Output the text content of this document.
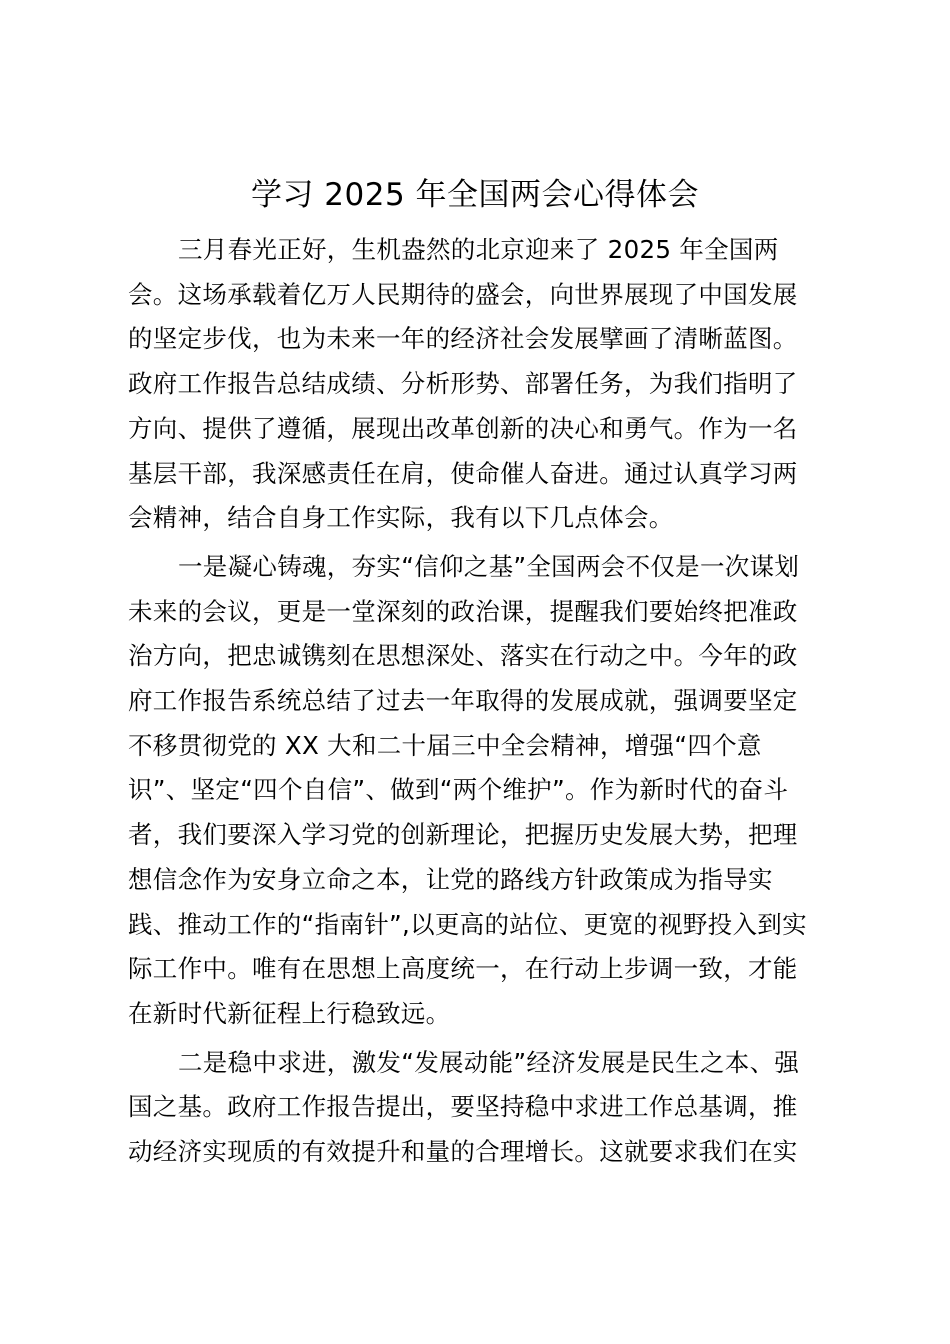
学习 2025 年全国两会心得体会

三月春光正好，生机盎然的北京迎来了 2025 年全国两
会。这场承载着亿万人民期待的盛会，向世界展现了中国发展
的坚定步伐，也为未来一年的经济社会发展擘画了清晰蓝图。
政府工作报告总结成绩、分析形势、部署任务，为我们指明了
方向、提供了遵循，展现出改革创新的决心和勇气。作为一名
基层干部，我深感责任在肩，使命催人奋进。通过认真学习两
会精神，结合自身工作实际，我有以下几点体会。

一是凝心铸魂，夯实“信仰之基”全国两会不仅是一次谋划
未来的会议，更是一堂深刻的政治课，提醒我们要始终把准政
治方向，把忠诚镌刻在思想深处、落实在行动之中。今年的政
府工作报告系统总结了过去一年取得的发展成就，强调要坚定
不移贯彻党的 XX 大和二十届三中全会精神，增强“四个意
识”、坚定“四个自信”、做到“两个维护”。作为新时代的奋斗
者，我们要深入学习党的创新理论，把握历史发展大势，把理
想信念作为安身立命之本，让党的路线方针政策成为指导实
践、推动工作的“指南针”,以更高的站位、更宽的视野投入到实
际工作中。唯有在思想上高度统一，在行动上步调一致，才能
在新时代新征程上行稳致远。

二是稳中求进，激发“发展动能”经济发展是民生之本、强
国之基。政府工作报告提出，要坚持稳中求进工作总基调，推
动经济实现质的有效提升和量的合理增长。这就要求我们在实
